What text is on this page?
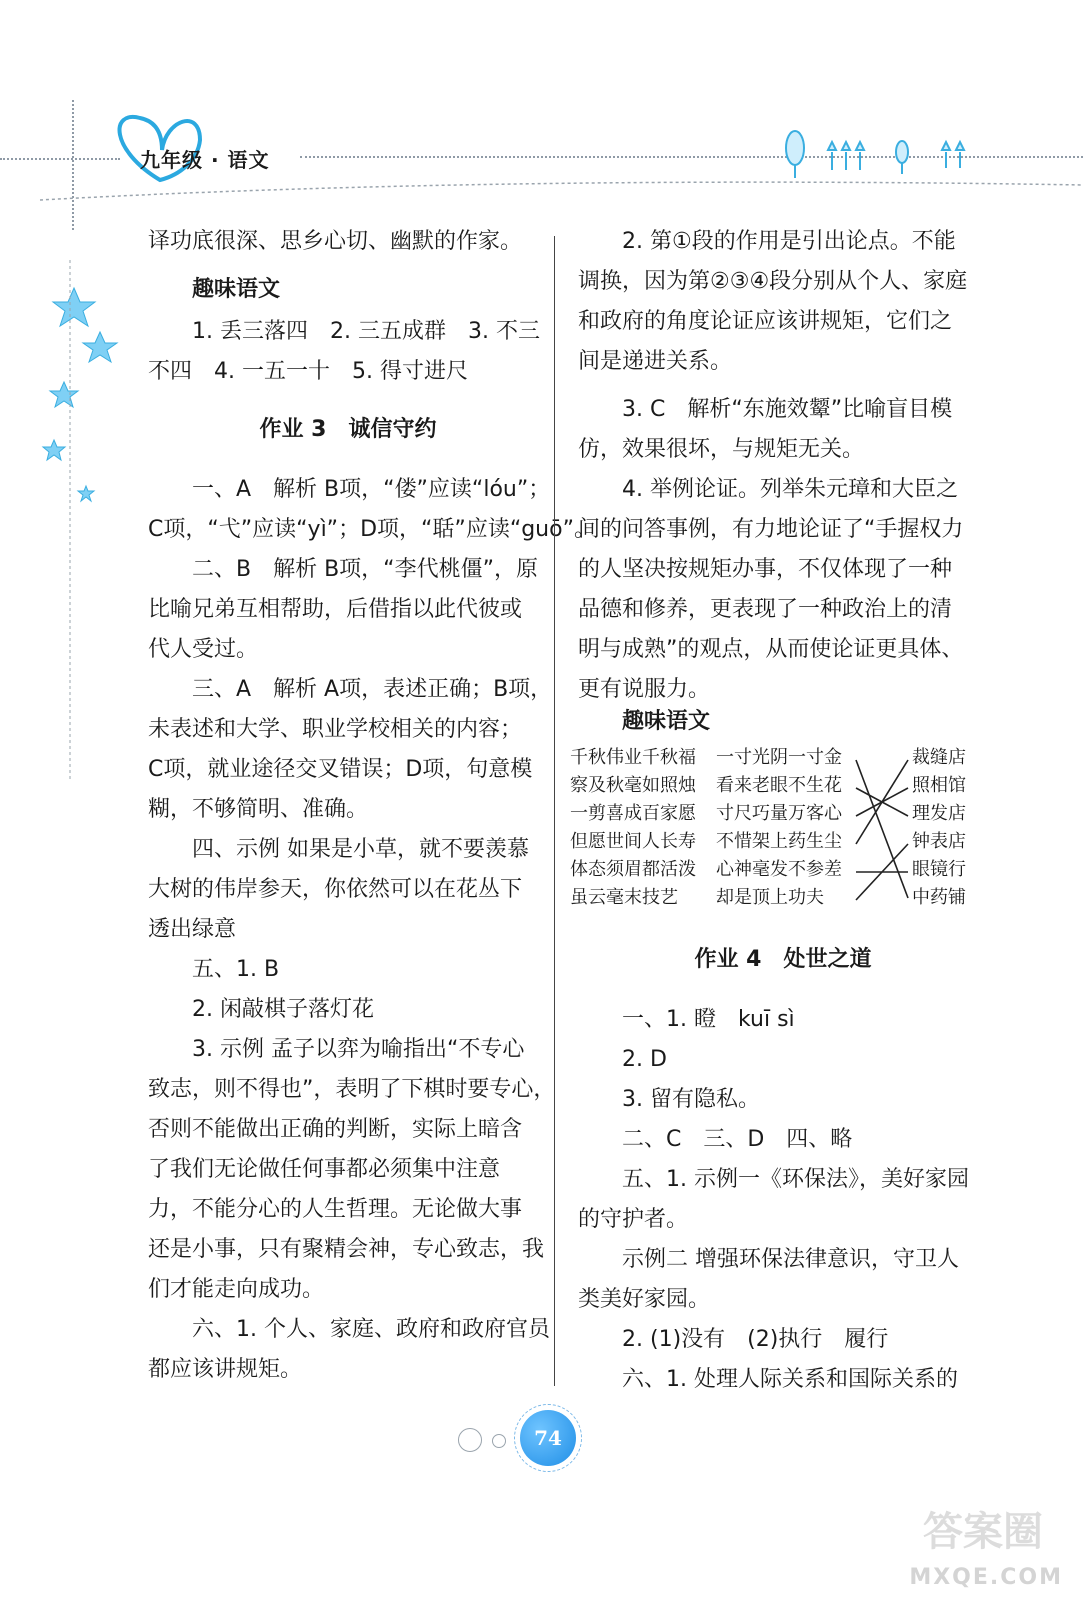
九年级 · 语文
译功底很深、思乡心切、幽默的作家。
趣味语文
1. 丢三落四　2. 三五成群　3. 不三
不四　4. 一五一十　5. 得寸进尺
作业 3　诚信守约
一、A　解析 B项，“偻”应读“lóu”；
C项，“弋”应读“yì”；D项，“聒”应读“guō”。
二、B　解析 B项，“李代桃僵”，原
比喻兄弟互相帮助，后借指以此代彼或
代人受过。
三、A　解析 A项，表述正确；B项，
未表述和大学、职业学校相关的内容；
C项，就业途径交叉错误；D项，句意模
糊，不够简明、准确。
四、示例 如果是小草，就不要羡慕
大树的伟岸参天，你依然可以在花丛下
透出绿意
五、1. B
2. 闲敲棋子落灯花
3. 示例 孟子以弈为喻指出“不专心
致志，则不得也”，表明了下棋时要专心，
否则不能做出正确的判断，实际上暗含
了我们无论做任何事都必须集中注意
力，不能分心的人生哲理。无论做大事
还是小事，只有聚精会神，专心致志，我
们才能走向成功。
六、1. 个人、家庭、政府和政府官员
都应该讲规矩。
2. 第①段的作用是引出论点。不能
调换，因为第②③④段分别从个人、家庭
和政府的角度论证应该讲规矩，它们之
间是递进关系。
3. C　解析“东施效颦”比喻盲目模
仿，效果很坏，与规矩无关。
4. 举例论证。列举朱元璋和大臣之
间的问答事例，有力地论证了“手握权力
的人坚决按规矩办事，不仅体现了一种
品德和修养，更表现了一种政治上的清
明与成熟”的观点，从而使论证更具体、
更有说服力。
趣味语文
作业 4　处世之道
一、1. 瞪　kuī sì
2. D
3. 留有隐私。
二、C　三、D　四、略
五、1. 示例一《环保法》，美好家园
的守护者。
示例二 增强环保法律意识，守卫人
类美好家园。
2. (1)没有　(2)执行　履行
六、1. 处理人际关系和国际关系的
千秋伟业千秋福
察及秋毫如照烛
一剪喜成百家愿
但愿世间人长寿
体态须眉都活泼
虽云毫末技艺
一寸光阴一寸金
看来老眼不生花
寸尺巧量万客心
不惜架上药生尘
心神毫发不参差
却是顶上功夫
裁缝店
照相馆
理发店
钟表店
眼镜行
中药铺
74
答案圈
MXQE.COM
